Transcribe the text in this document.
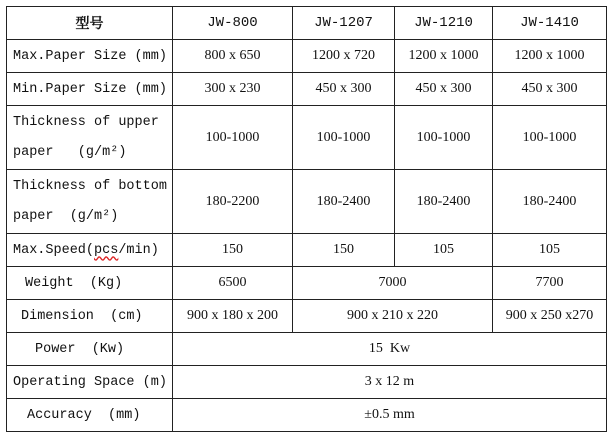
型号	JW-800	JW-1207	JW-1210	JW-1410
Max.Paper Size (mm)	800 x 650	1200 x 720	1200 x 1000	1200 x 1000
Min.Paper Size (mm)	300 x 230	450 x 300	450 x 300	450 x 300
Thickness of upper
paper   (g/m²)	100-1000	100-1000	100-1000	100-1000
Thickness of bottom
paper  (g/m²)	180-2200	180-2400	180-2400	180-2400
Max.Speed(pcs/min)	150	150	105	105
Weight  (Kg)	6500	7000		7700
Dimension  (cm)	900 x 180 x 200	900 x 210 x 220		900 x 250 x270
Power  (Kw)	15  Kw			
Operating Space (m)	3 x 12 m			
Accuracy  (mm)	±0.5 mm			
